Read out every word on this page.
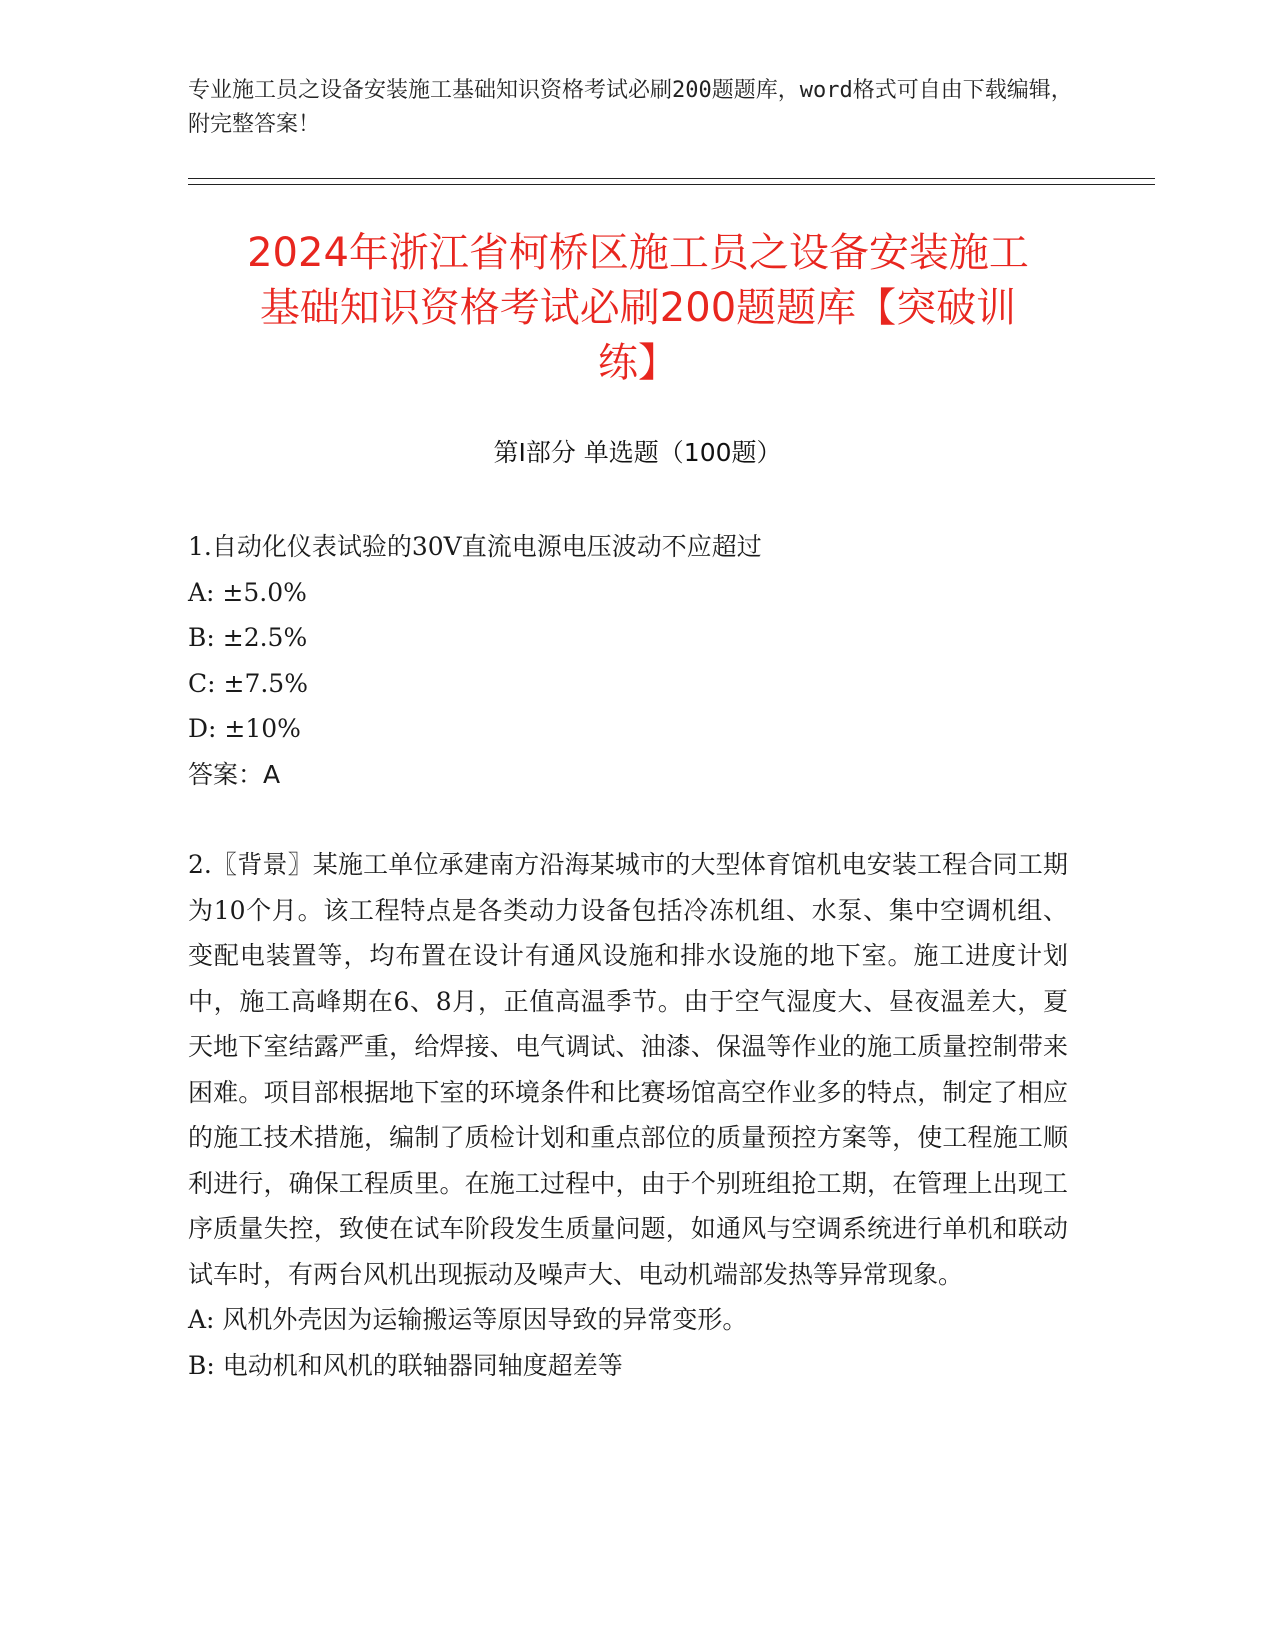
专业施工员之设备安装施工基础知识资格考试必刷200题题库，word格式可自由下载编辑，附完整答案！
2024年浙江省柯桥区施工员之设备安装施工
基础知识资格考试必刷200题题库【突破训
练】
第Ⅰ部分 单选题（100题）
1.自动化仪表试验的30V直流电源电压波动不应超过
A: ±5.0%
B: ±2.5%
C: ±7.5%
D: ±10%
答案：A
2.〖背景〗某施工单位承建南方沿海某城市的大型体育馆机电安装工程合同工期为10个月。该工程特点是各类动力设备包括冷冻机组、水泵、集中空调机组、变配电装置等，均布置在设计有通风设施和排水设施的地下室。施工进度计划中，施工高峰期在6、8月，正值高温季节。由于空气湿度大、昼夜温差大，夏天地下室结露严重，给焊接、电气调试、油漆、保温等作业的施工质量控制带来困难。项目部根据地下室的环境条件和比赛场馆高空作业多的特点，制定了相应的施工技术措施，编制了质检计划和重点部位的质量预控方案等，使工程施工顺利进行，确保工程质里。在施工过程中，由于个别班组抢工期，在管理上出现工序质量失控，致使在试车阶段发生质量问题，如通风与空调系统进行单机和联动试车时，有两台风机出现振动及噪声大、电动机端部发热等异常现象。
A: 风机外壳因为运输搬运等原因导致的异常变形。
B: 电动机和风机的联轴器同轴度超差等
